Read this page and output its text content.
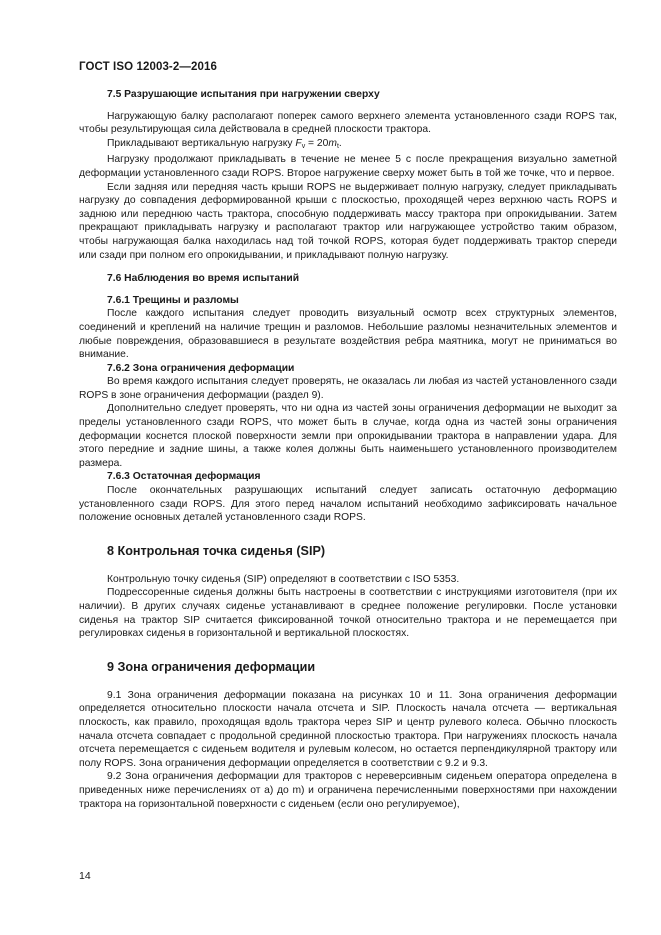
ГОСТ ISO 12003-2—2016
7.5 Разрушающие испытания при нагружении сверху

Нагружающую балку располагают поперек самого верхнего элемента установленного сзади ROPS так, чтобы результирующая сила действовала в средней плоскости трактора.

Прикладывают вертикальную нагрузку $F_v = 20m_t$.

Нагрузку продолжают прикладывать в течение не менее 5 с после прекращения визуально заметной деформации установленного сзади ROPS. Второе нагружение сверху может быть в той же точке, что и первое.

Если задняя или передняя часть крыши ROPS не выдерживает полную нагрузку, следует прикладывать нагрузку до совпадения деформированной крыши с плоскостью, проходящей через верхнюю часть ROPS и заднюю или переднюю часть трактора, способную поддерживать массу трактора при опрокидывании. Затем прекращают прикладывать нагрузку и располагают трактор или нагружающее устройство таким образом, чтобы нагружающая балка находилась над той точкой ROPS, которая будет поддерживать трактор спереди или сзади при полном его опрокидывании, и прикладывают полную нагрузку.

7.6 Наблюдения во время испытаний
7.6.1 Трещины и разломы

После каждого испытания следует проводить визуальный осмотр всех структурных элементов, соединений и креплений на наличие трещин и разломов. Небольшие разломы незначительных элементов и любые повреждения, образовавшиеся в результате воздействия ребра маятника, могут не приниматься во внимание.

7.6.2 Зона ограничения деформации

Во время каждого испытания следует проверять, не оказалась ли любая из частей установленного сзади ROPS в зоне ограничения деформации (раздел 9).

Дополнительно следует проверять, что ни одна из частей зоны ограничения деформации не выходит за пределы установленного сзади ROPS, что может быть в случае, когда одна из частей зоны ограничения деформации коснется плоской поверхности земли при опрокидывании трактора в направлении удара. Для этого передние и задние шины, а также колея должны быть наименьшего установленного производителем размера.

7.6.3 Остаточная деформация

После окончательных разрушающих испытаний следует записать остаточную деформацию установленного сзади ROPS. Для этого перед началом испытаний необходимо зафиксировать начальное положение основных деталей установленного сзади ROPS.

8 Контрольная точка сиденья (SIP)

Контрольную точку сиденья (SIP) определяют в соответствии с ISO 5353.

Подрессоренные сиденья должны быть настроены в соответствии с инструкциями изготовителя (при их наличии). В других случаях сиденье устанавливают в среднее положение регулировки. После установки сиденья на трактор SIP считается фиксированной точкой относительно трактора и не перемещается при регулировках сиденья в горизонтальной и вертикальной плоскостях.

9 Зона ограничения деформации

9.1 Зона ограничения деформации показана на рисунках 10 и 11. Зона ограничения деформации определяется относительно плоскости начала отсчета и SIP. Плоскость начала отсчета — вертикальная плоскость, как правило, проходящая вдоль трактора через SIP и центр рулевого колеса. Обычно плоскость начала отсчета совпадает с продольной срединной плоскостью трактора. При нагружениях плоскость начала отсчета перемещается с сиденьем водителя и рулевым колесом, но остается перпендикулярной трактору или полу ROPS. Зона ограничения деформации определяется в соответствии с 9.2 и 9.3.

9.2 Зона ограничения деформации для тракторов с нереверсивным сиденьем оператора определена в приведенных ниже перечислениях от а) до m) и ограничена перечисленными поверхностями при нахождении трактора на горизонтальной поверхности с сиденьем (если оно регулируемое),

14
